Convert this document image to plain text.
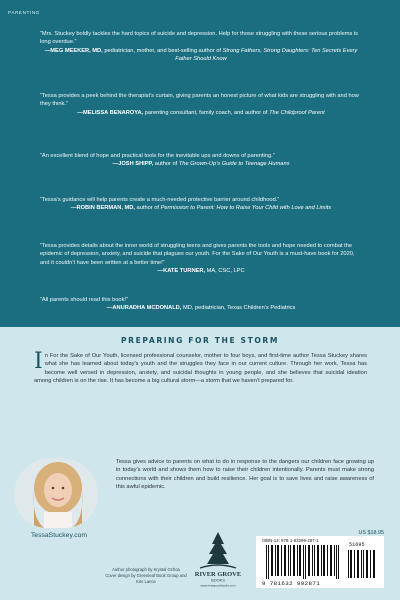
PARENTING
“Mrs. Stuckey boldly tackles the hard topics of suicide and depression. Help for those struggling with these serious problems is long overdue.”
—MEG MEEKER, MD, pediatrician, mother, and best-selling author of Strong Fathers, Strong Daughters: Ten Secrets Every Father Should Know
“Tessa provides a peek behind the therapist’s curtain, giving parents an honest picture of what kids are struggling with and how they think.”
—MELISSA BENAROYA, parenting consultant, family coach, and author of The Childproof Parent
“An excellent blend of hope and practical tools for the inevitable ups and downs of parenting.”
—JOSH SHIPP, author of The Grown-Up’s Guide to Teenage Humans
“Tessa’s guidance will help parents create a much-needed protective barrier around childhood.”
—ROBIN BERMAN, MD, author of Permission to Parent: How to Raise Your Child with Love and Limits
“Tessa provides details about the inner world of struggling teens and gives parents the tools and hope needed to combat the epidemic of depression, anxiety, and suicide that plagues our youth. For the Sake of Our Youth is a must-have book for 2020, and it couldn’t have been written at a better time!”
—KATE TURNER, MA, CSC, LPC
“All parents should read this book!”
—ANURADHA MCDONALD, MD, pediatrician, Texas Children’s Pediatrics
PREPARING FOR THE STORM
I n For the Sake of Our Youth, licensed professional counselor, mother to four boys, and first-time author Tessa Stuckey shares what she has learned about today’s youth and the struggles they face in our current culture. Through her work, Tessa has become well versed in depression, anxiety, and suicidal thoughts in young people, and she believes that suicidal ideation among children is on the rise. It has become a big cultural storm—a storm that we haven’t prepared for.
Tessa gives advice to parents on what to do in response to the dangers our children face growing up in today’s world and shows them how to raise their children intentionally. Parents must make strong connections with their children and build resilience. Her goal is to save lives and raise awareness of this awful epidemic.
TessaStuckey.com
Author photograph by Krystal Ochoa
Cover design by Greenleaf Book Group and Kim Lance
RIVER GROVE
BOOKS
www.rivergrovebooks.com
US $18.95
ISBN-13: 978-1-63299-287-1
51695
9 781632 992871
